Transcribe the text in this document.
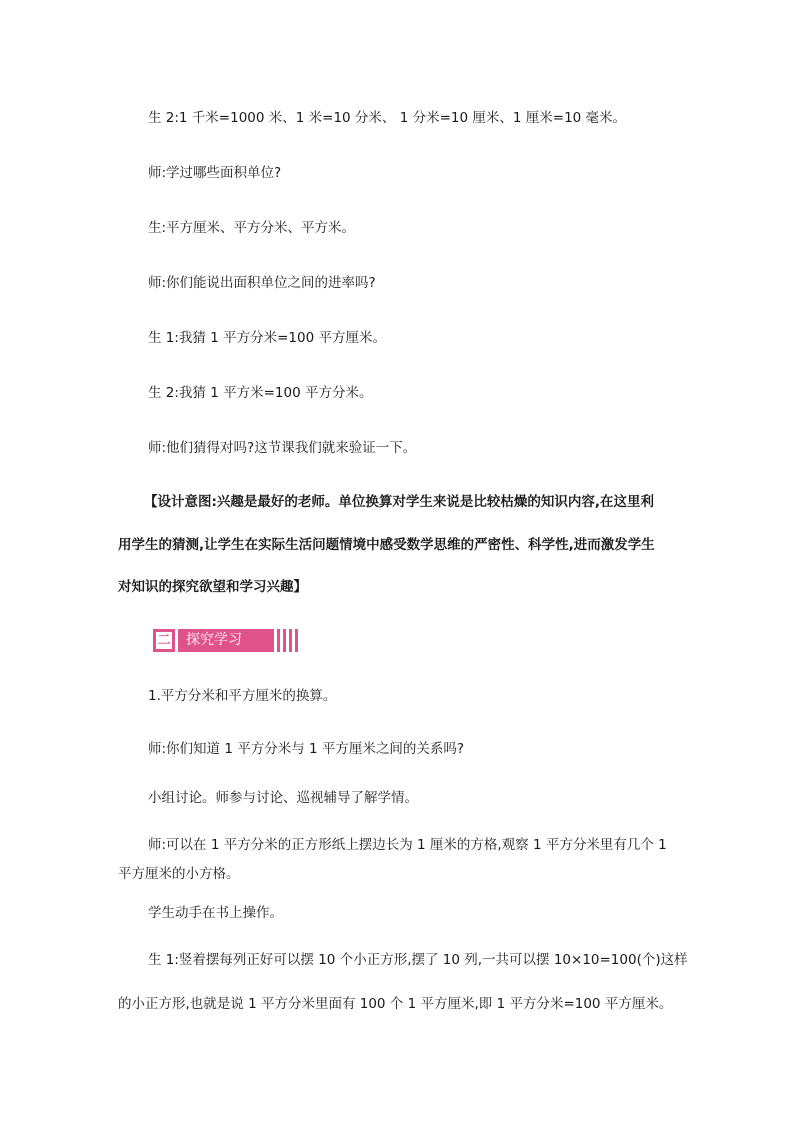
生 2:1 千米=1000 米、1 米=10 分米、 1 分米=10 厘米、1 厘米=10 毫米。
师:学过哪些面积单位?
生:平方厘米、平方分米、平方米。
师:你们能说出面积单位之间的进率吗?
生 1:我猜 1 平方分米=100 平方厘米。
生 2:我猜 1 平方米=100 平方分米。
师:他们猜得对吗?这节课我们就来验证一下。
【设计意图:兴趣是最好的老师。单位换算对学生来说是比较枯燥的知识内容,在这里利
用学生的猜测,让学生在实际生活问题情境中感受数学思维的严密性、科学性,进而激发学生
对知识的探究欲望和学习兴趣】
二	探究学习
1.平方分米和平方厘米的换算。
师:你们知道 1 平方分米与 1 平方厘米之间的关系吗?
小组讨论。师参与讨论、巡视辅导了解学情。
师:可以在 1 平方分米的正方形纸上摆边长为 1 厘米的方格,观察 1 平方分米里有几个 1
平方厘米的小方格。
学生动手在书上操作。
生 1:竖着摆每列正好可以摆 10 个小正方形,摆了 10 列,一共可以摆 10×10=100(个)这样
的小正方形,也就是说 1 平方分米里面有 100 个 1 平方厘米,即 1 平方分米=100 平方厘米。
